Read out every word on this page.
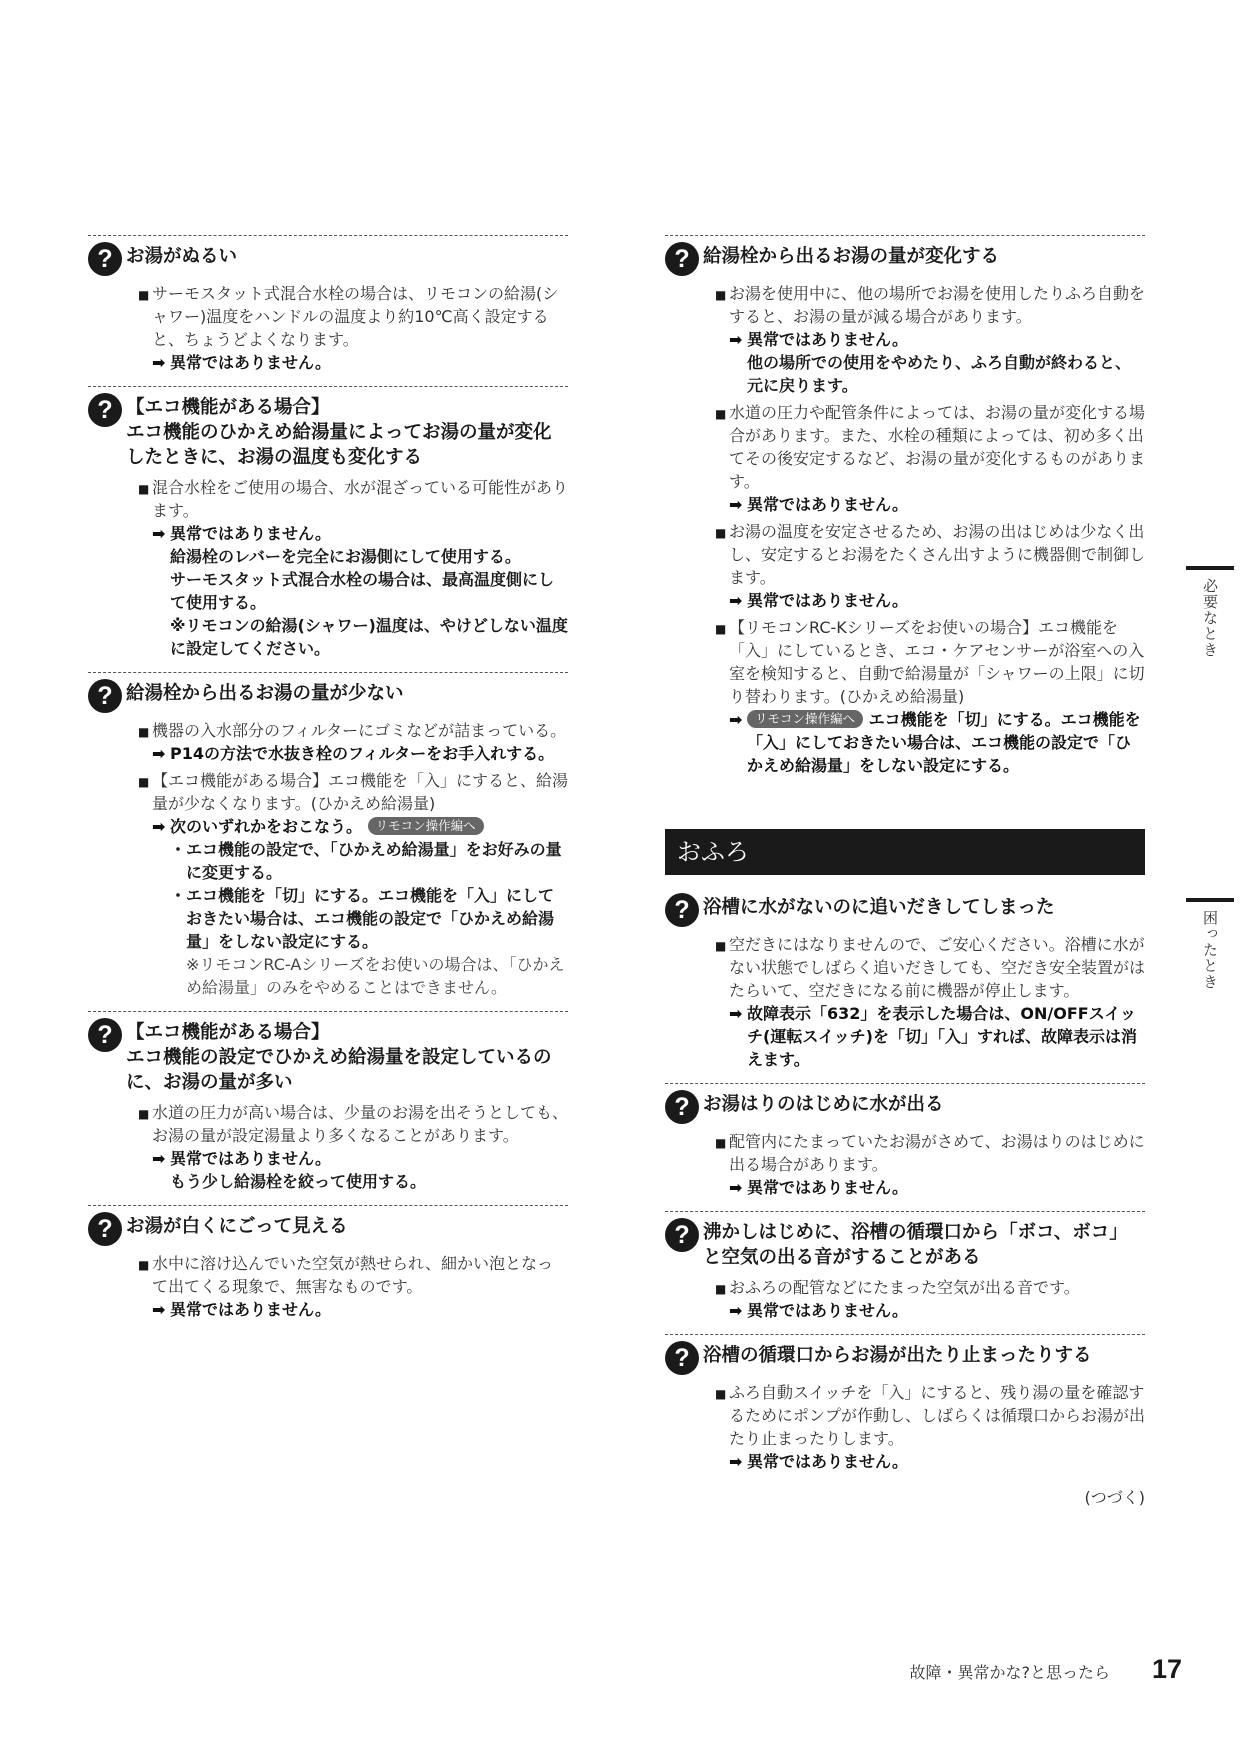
? お湯がぬるい
■ サーモスタット式混合水栓の場合は、リモコンの給湯(シャワー)温度をハンドルの温度より約10℃高く設定すると、ちょうどよくなります。
➡ 異常ではありません。
? 【エコ機能がある場合】
エコ機能のひかえめ給湯量によってお湯の量が変化したときに、お湯の温度も変化する
■ 混合水栓をご使用の場合、水が混ざっている可能性があります。
➡ 異常ではありません。
給湯栓のレバーを完全にお湯側にして使用する。
サーモスタット式混合水栓の場合は、最高温度側にして使用する。
※リモコンの給湯(シャワー)温度は、やけどしない温度に設定してください。
? 給湯栓から出るお湯の量が少ない
■ 機器の入水部分のフィルターにゴミなどが詰まっている。
➡ P14の方法で水抜き栓のフィルターをお手入れする。
■ 【エコ機能がある場合】エコ機能を「入」にすると、給湯量が少なくなります。(ひかえめ給湯量)
➡ 次のいずれかをおこなう。 リモコン操作編へ
・エコ機能の設定で、「ひかえめ給湯量」をお好みの量に変更する。
・エコ機能を「切」にする。エコ機能を「入」にしておきたい場合は、エコ機能の設定で「ひかえめ給湯量」をしない設定にする。
※リモコンRC-Aシリーズをお使いの場合は、「ひかえめ給湯量」のみをやめることはできません。
? 【エコ機能がある場合】
エコ機能の設定でひかえめ給湯量を設定しているのに、お湯の量が多い
■ 水道の圧力が高い場合は、少量のお湯を出そうとしても、お湯の量が設定湯量より多くなることがあります。
➡ 異常ではありません。
もう少し給湯栓を絞って使用する。
? お湯が白くにごって見える
■ 水中に溶け込んでいた空気が熱せられ、細かい泡となって出てくる現象で、無害なものです。
➡ 異常ではありません。
? 給湯栓から出るお湯の量が変化する
■ お湯を使用中に、他の場所でお湯を使用したりふろ自動をすると、お湯の量が減る場合があります。
➡ 異常ではありません。
他の場所での使用をやめたり、ふろ自動が終わると、元に戻ります。
■ 水道の圧力や配管条件によっては、お湯の量が変化する場合があります。また、水栓の種類によっては、初め多く出てその後安定するなど、お湯の量が変化するものがあります。
➡ 異常ではありません。
■ お湯の温度を安定させるため、お湯の出はじめは少なく出し、安定するとお湯をたくさん出すように機器側で制御します。
➡ 異常ではありません。
■ 【リモコンRC-Kシリーズをお使いの場合】エコ機能を「入」にしているとき、エコ・ケアセンサーが浴室への入室を検知すると、自動で給湯量が「シャワーの上限」に切り替わります。(ひかえめ給湯量)
➡ リモコン操作編へ エコ機能を「切」にする。エコ機能を「入」にしておきたい場合は、エコ機能の設定で「ひかえめ給湯量」をしない設定にする。
おふろ
? 浴槽に水がないのに追いだきしてしまった
■ 空だきにはなりませんので、ご安心ください。浴槽に水がない状態でしばらく追いだきしても、空だき安全装置がはたらいて、空だきになる前に機器が停止します。
➡ 故障表示「632」を表示した場合は、ON/OFFスイッチ(運転スイッチ)を「切」「入」すれば、故障表示は消えます。
? お湯はりのはじめに水が出る
■ 配管内にたまっていたお湯がさめて、お湯はりのはじめに出る場合があります。
➡ 異常ではありません。
? 沸かしはじめに、浴槽の循環口から「ボコ、ボコ」と空気の出る音がすることがある
■ おふろの配管などにたまった空気が出る音です。
➡ 異常ではありません。
? 浴槽の循環口からお湯が出たり止まったりする
■ ふろ自動スイッチを「入」にすると、残り湯の量を確認するためにポンプが作動し、しばらくは循環口からお湯が出たり止まったりします。
➡ 異常ではありません。
(つづく)
必要なとき
困ったとき
故障・異常かな?と思ったら 17
